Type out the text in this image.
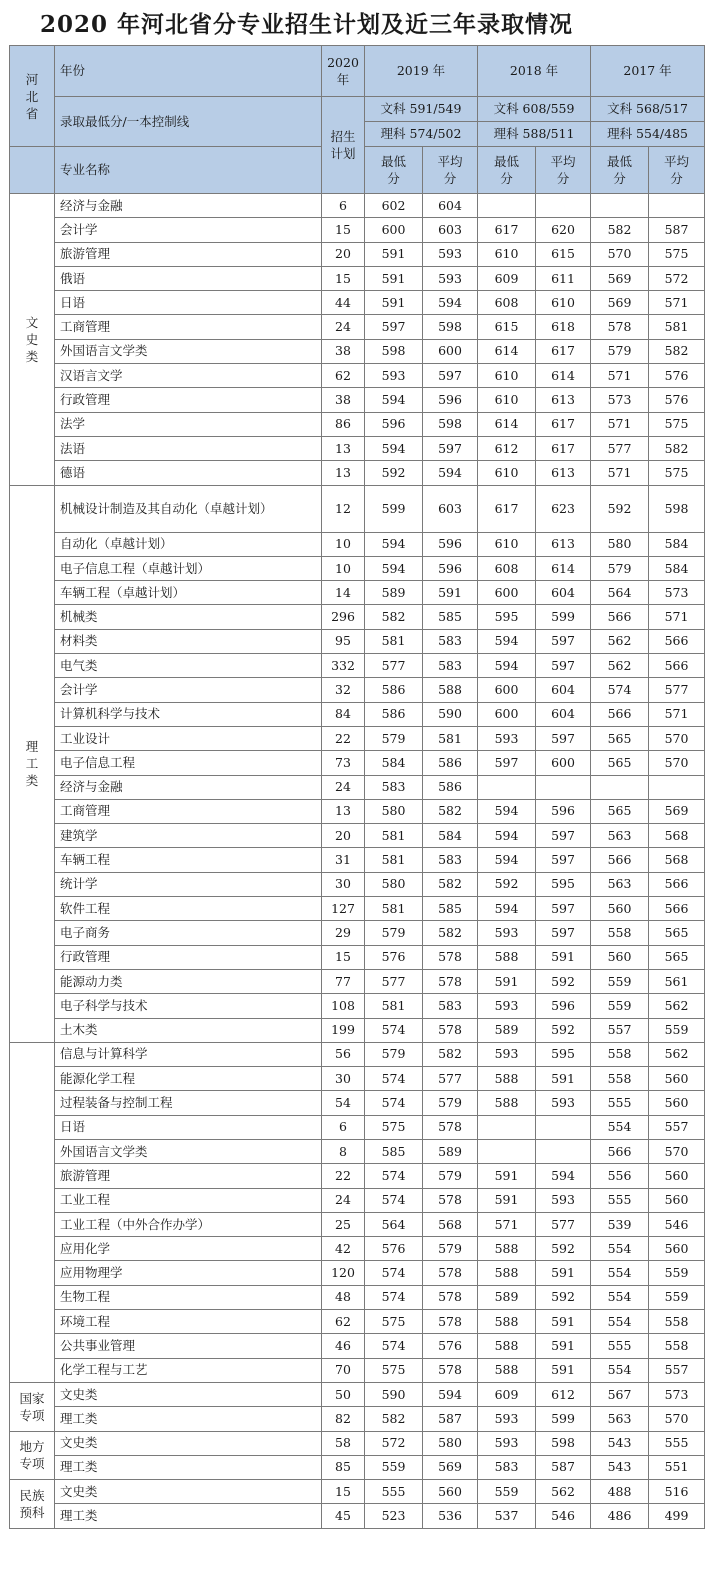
2020 年河北省分专业招生计划及近三年录取情况
河北省	年份	2020年	2019 年		2018 年		2017 年	
	录取最低分/一本控制线	招生计划	文科 591/549		文科 608/559		文科 568/517	
			理科 574/502		理科 588/511		理科 554/485	
	专业名称		最低分	平均分	最低分	平均分	最低分	平均分
文史类	经济与金融	6	602	604				
	会计学	15	600	603	617	620	582	587
	旅游管理	20	591	593	610	615	570	575
	俄语	15	591	593	609	611	569	572
	日语	44	591	594	608	610	569	571
	工商管理	24	597	598	615	618	578	581
	外国语言文学类	38	598	600	614	617	579	582
	汉语言文学	62	593	597	610	614	571	576
	行政管理	38	594	596	610	613	573	576
	法学	86	596	598	614	617	571	575
	法语	13	594	597	612	617	577	582
	德语	13	592	594	610	613	571	575
理工类	机械设计制造及其自动化（卓越计划）	12	599	603	617	623	592	598
	自动化（卓越计划）	10	594	596	610	613	580	584
	电子信息工程（卓越计划）	10	594	596	608	614	579	584
	车辆工程（卓越计划）	14	589	591	600	604	564	573
	机械类	296	582	585	595	599	566	571
	材料类	95	581	583	594	597	562	566
	电气类	332	577	583	594	597	562	566
	会计学	32	586	588	600	604	574	577
	计算机科学与技术	84	586	590	600	604	566	571
	工业设计	22	579	581	593	597	565	570
	电子信息工程	73	584	586	597	600	565	570
	经济与金融	24	583	586				
	工商管理	13	580	582	594	596	565	569
	建筑学	20	581	584	594	597	563	568
	车辆工程	31	581	583	594	597	566	568
	统计学	30	580	582	592	595	563	566
	软件工程	127	581	585	594	597	560	566
	电子商务	29	579	582	593	597	558	565
	行政管理	15	576	578	588	591	560	565
	能源动力类	77	577	578	591	592	559	561
	电子科学与技术	108	581	583	593	596	559	562
	土木类	199	574	578	589	592	557	559
	信息与计算科学	56	579	582	593	595	558	562
	能源化学工程	30	574	577	588	591	558	560
	过程装备与控制工程	54	574	579	588	593	555	560
	日语	6	575	578			554	557
	外国语言文学类	8	585	589			566	570
	旅游管理	22	574	579	591	594	556	560
	工业工程	24	574	578	591	593	555	560
	工业工程（中外合作办学）	25	564	568	571	577	539	546
	应用化学	42	576	579	588	592	554	560
	应用物理学	120	574	578	588	591	554	559
	生物工程	48	574	578	589	592	554	559
	环境工程	62	575	578	588	591	554	558
	公共事业管理	46	574	576	588	591	555	558
	化学工程与工艺	70	575	578	588	591	554	557
国家专项	文史类	50	590	594	609	612	567	573
	理工类	82	582	587	593	599	563	570
地方专项	文史类	58	572	580	593	598	543	555
	理工类	85	559	569	583	587	543	551
民族预科	文史类	15	555	560	559	562	488	516
	理工类	45	523	536	537	546	486	499
